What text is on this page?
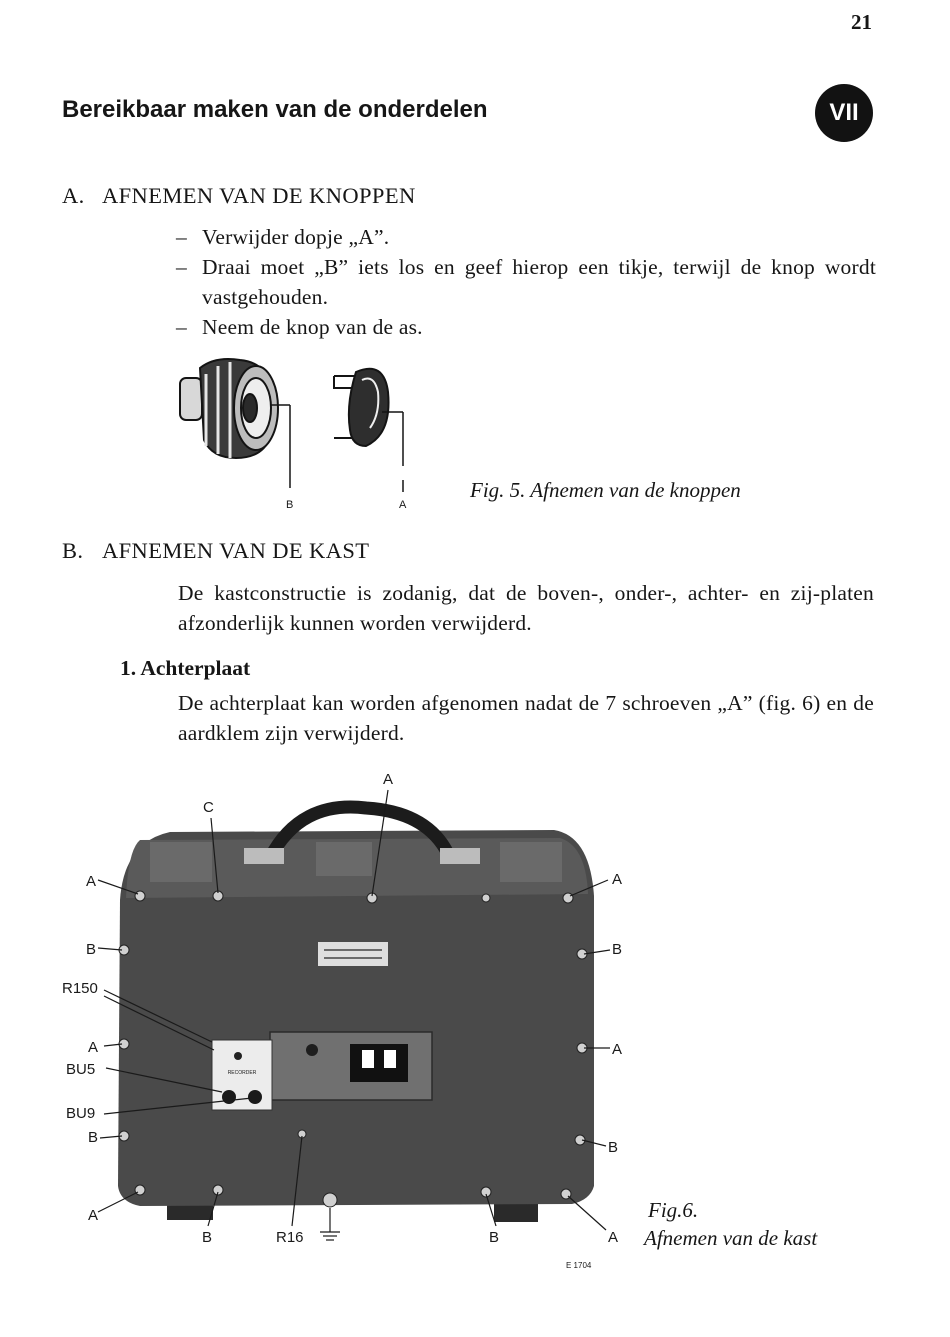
21
Bereikbaar maken van de onderdelen	VII
A. AFNEMEN VAN DE KNOPPEN
– Verwijder dopje „A”.
– Draai moet „B” iets los en geef hierop een tikje, terwijl de knop wordt vastgehouden.
– Neem de knop van de as.
B	A
Fig. 5. Afnemen van de knoppen
B. AFNEMEN VAN DE KAST
De kastconstructie is zodanig, dat de boven-, onder-, achter- en zij-platen afzonderlijk kunnen worden verwijderd.
1. Achterplaat
De achterplaat kan worden afgenomen nadat de 7 schroeven „A” (fig. 6) en de aardklem zijn verwijderd.
RECORDER
A
C
A
B
R150
A
BU5
BU9
B
A
A
B
A
B
A
B	R16	B
E 1704
Fig.6.
Afnemen van de kast
